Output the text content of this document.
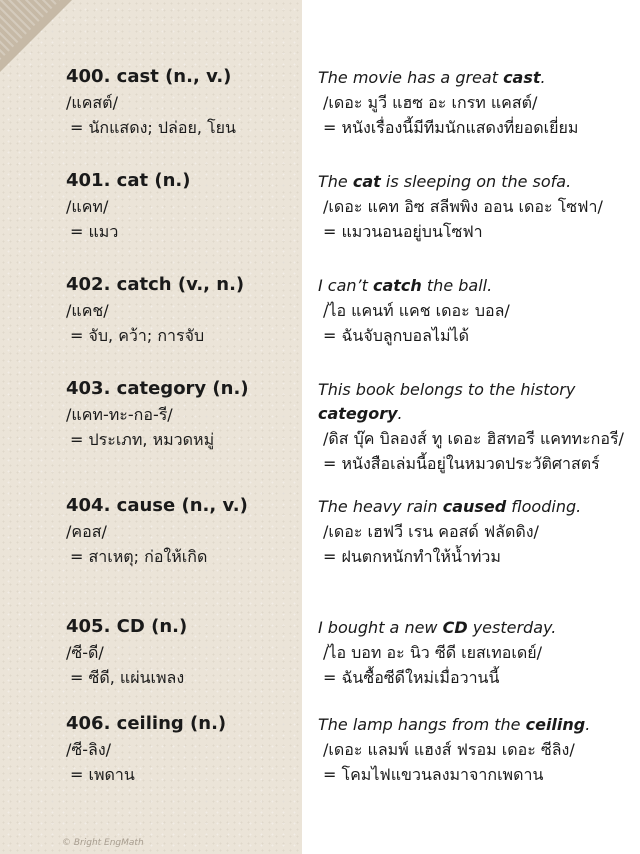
400. cast (n., v.)
/แคสต์/
= นักแสดง; ปล่อย, โยน
The movie has a great cast.
/เดอะ มูวี แฮซ อะ เกรท แคสต์/
= หนังเรื่องนี้มีทีมนักแสดงที่ยอดเยี่ยม
401. cat (n.)
/แคท/
= แมว
The cat is sleeping on the sofa.
/เดอะ แคท อิซ สลีพพิง ออน เดอะ โซฟา/
= แมวนอนอยู่บนโซฟา
402. catch (v., n.)
/แคช/
= จับ, คว้า; การจับ
I can’t catch the ball.
/ไอ แคนท์ แคช เดอะ บอล/
= ฉันจับลูกบอลไม่ได้
403. category (n.)
/แคท-ทะ-กอ-รี/
= ประเภท, หมวดหมู่
This book belongs to the history category.
/ดิส บุ๊ค บิลองส์ ทู เดอะ ฮิสทอรี แคททะกอรี/
= หนังสือเล่มนี้อยู่ในหมวดประวัติศาสตร์
404. cause (n., v.)
/คอส/
= สาเหตุ; ก่อให้เกิด
The heavy rain caused flooding.
/เดอะ เฮฟวี เรน คอสด์ ฟลัดดิง/
= ฝนตกหนักทำให้น้ำท่วม
405. CD (n.)
/ซี-ดี/
= ซีดี, แผ่นเพลง
I bought a new CD yesterday.
/ไอ บอท อะ นิว ซีดี เยสเทอเดย์/
= ฉันซื้อซีดีใหม่เมื่อวานนี้
406. ceiling (n.)
/ซี-ลิง/
= เพดาน
The lamp hangs from the ceiling.
/เดอะ แลมพ์ แฮงส์ ฟรอม เดอะ ซีลิง/
= โคมไฟแขวนลงมาจากเพดาน
© Bright EngMath
